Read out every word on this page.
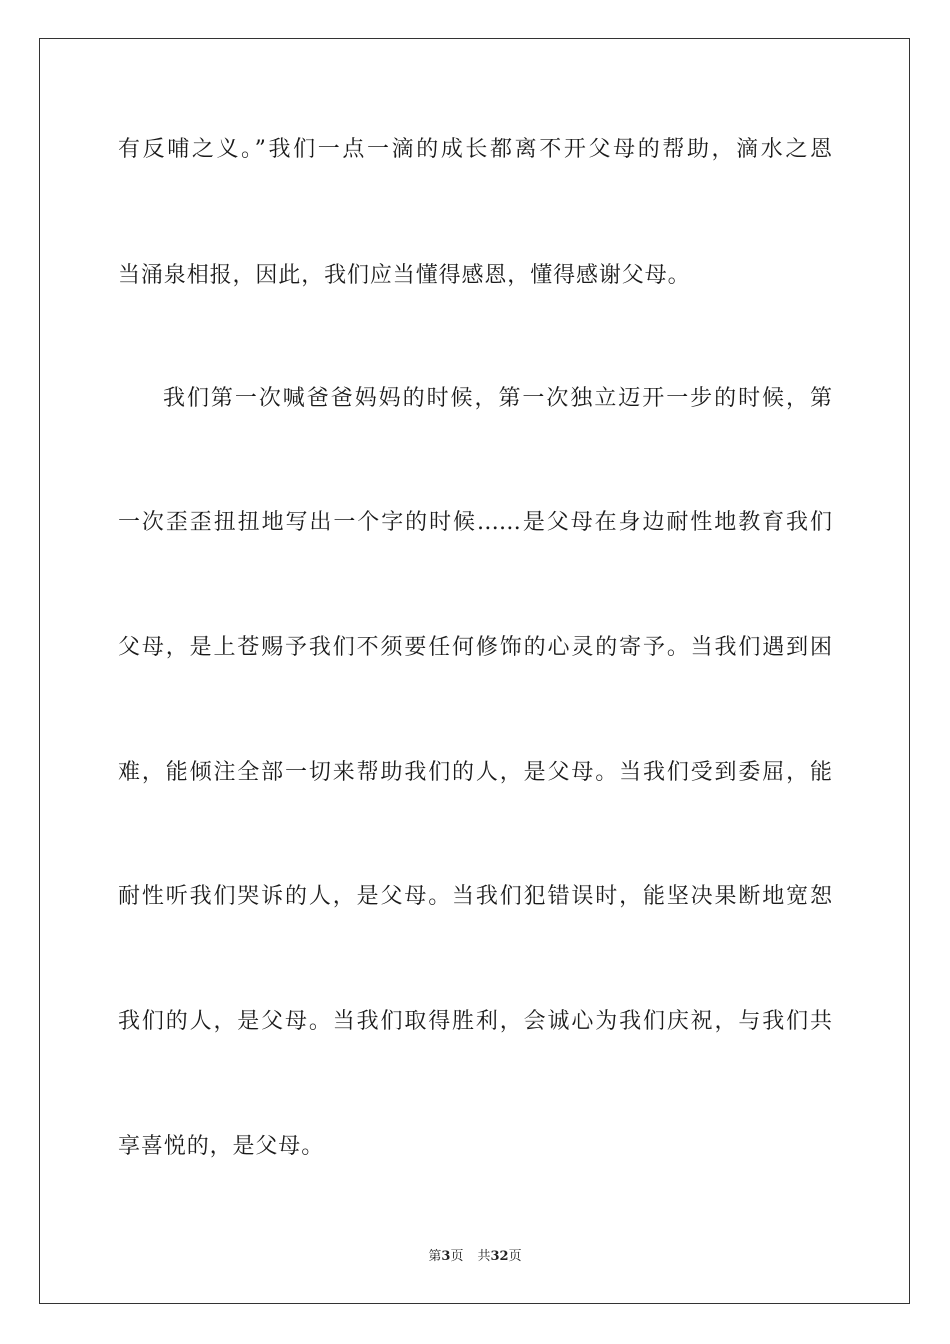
有反哺之义。”我们一点一滴的成长都离不开父母的帮助，滴水之恩
当涌泉相报，因此，我们应当懂得感恩，懂得感谢父母。
我们第一次喊爸爸妈妈的时候，第一次独立迈开一步的时候，第
一次歪歪扭扭地写出一个字的时候……是父母在身边耐性地教育我们
父母，是上苍赐予我们不须要任何修饰的心灵的寄予。当我们遇到困
难，能倾注全部一切来帮助我们的人，是父母。当我们受到委屈，能
耐性听我们哭诉的人，是父母。当我们犯错误时，能坚决果断地宽恕
我们的人，是父母。当我们取得胜利，会诚心为我们庆祝，与我们共
享喜悦的，是父母。
第3页 共32页
